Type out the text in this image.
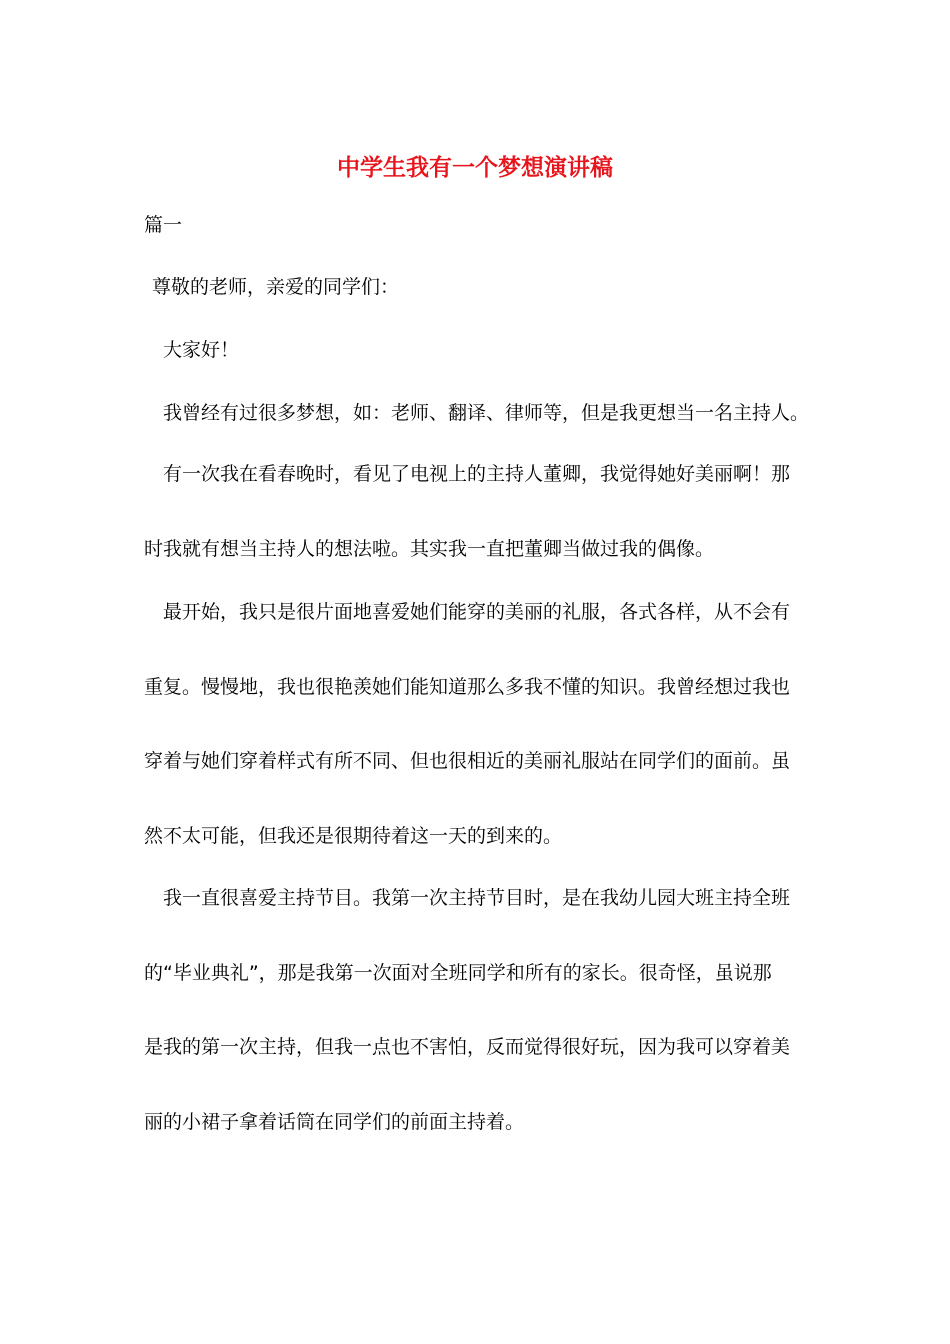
中学生我有一个梦想演讲稿

篇一

尊敬的老师，亲爱的同学们：

大家好！

我曾经有过很多梦想，如：老师、翻译、律师等，但是我更想当一名主持人。

有一次我在看春晚时，看见了电视上的主持人董卿，我觉得她好美丽啊！那

时我就有想当主持人的想法啦。其实我一直把董卿当做过我的偶像。

最开始，我只是很片面地喜爱她们能穿的美丽的礼服，各式各样，从不会有

重复。慢慢地，我也很艳羡她们能知道那么多我不懂的知识。我曾经想过我也

穿着与她们穿着样式有所不同、但也很相近的美丽礼服站在同学们的面前。虽

然不太可能，但我还是很期待着这一天的到来的。

我一直很喜爱主持节目。我第一次主持节目时，是在我幼儿园大班主持全班

的“毕业典礼”，那是我第一次面对全班同学和所有的家长。很奇怪，虽说那

是我的第一次主持，但我一点也不害怕，反而觉得很好玩，因为我可以穿着美

丽的小裙子拿着话筒在同学们的前面主持着。
